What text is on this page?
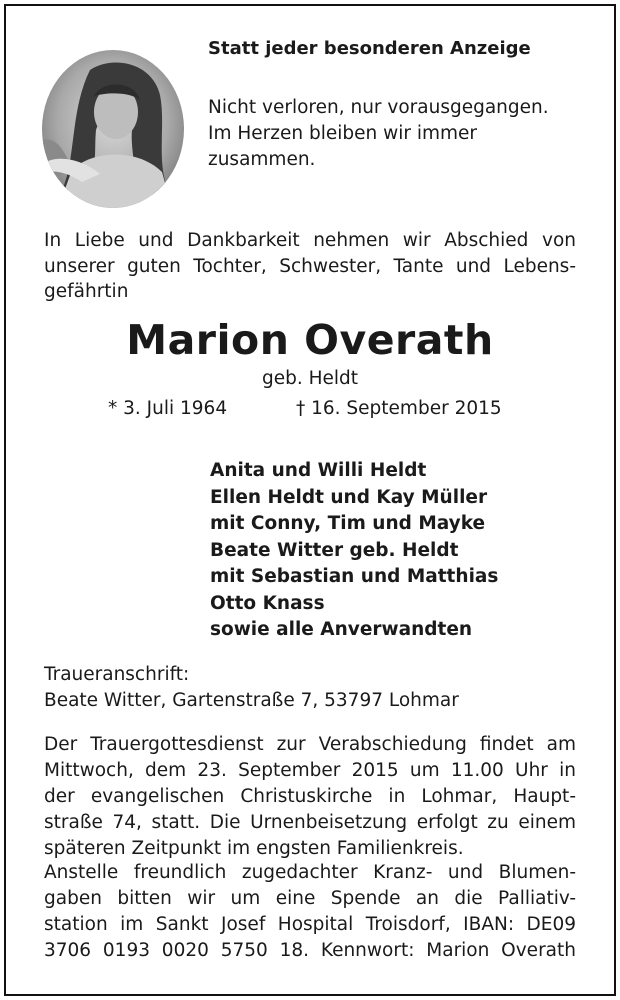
Statt jeder besonderen Anzeige
Nicht verloren, nur vorausgegangen.
Im Herzen bleiben wir immer
zusammen.
In Liebe und Dankbarkeit nehmen wir Abschied von
unserer guten Tochter, Schwester, Tante und Lebens-
gefährtin
Marion Overath
geb. Heldt
* 3. Juli 1964	† 16. September 2015
Anita und Willi Heldt
Ellen Heldt und Kay Müller
mit Conny, Tim und Mayke
Beate Witter geb. Heldt
mit Sebastian und Matthias
Otto Knass
sowie alle Anverwandten
Traueranschrift:
Beate Witter, Gartenstraße 7, 53797 Lohmar
Der Trauergottesdienst zur Verabschiedung findet am
Mittwoch, dem 23. September 2015 um 11.00 Uhr in
der evangelischen Christuskirche in Lohmar, Haupt-
straße 74, statt. Die Urnenbeisetzung erfolgt zu einem
späteren Zeitpunkt im engsten Familienkreis.
Anstelle freundlich zugedachter Kranz- und Blumen-
gaben bitten wir um eine Spende an die Palliativ-
station im Sankt Josef Hospital Troisdorf, IBAN: DE09
3706 0193 0020 5750 18. Kennwort: Marion Overath
